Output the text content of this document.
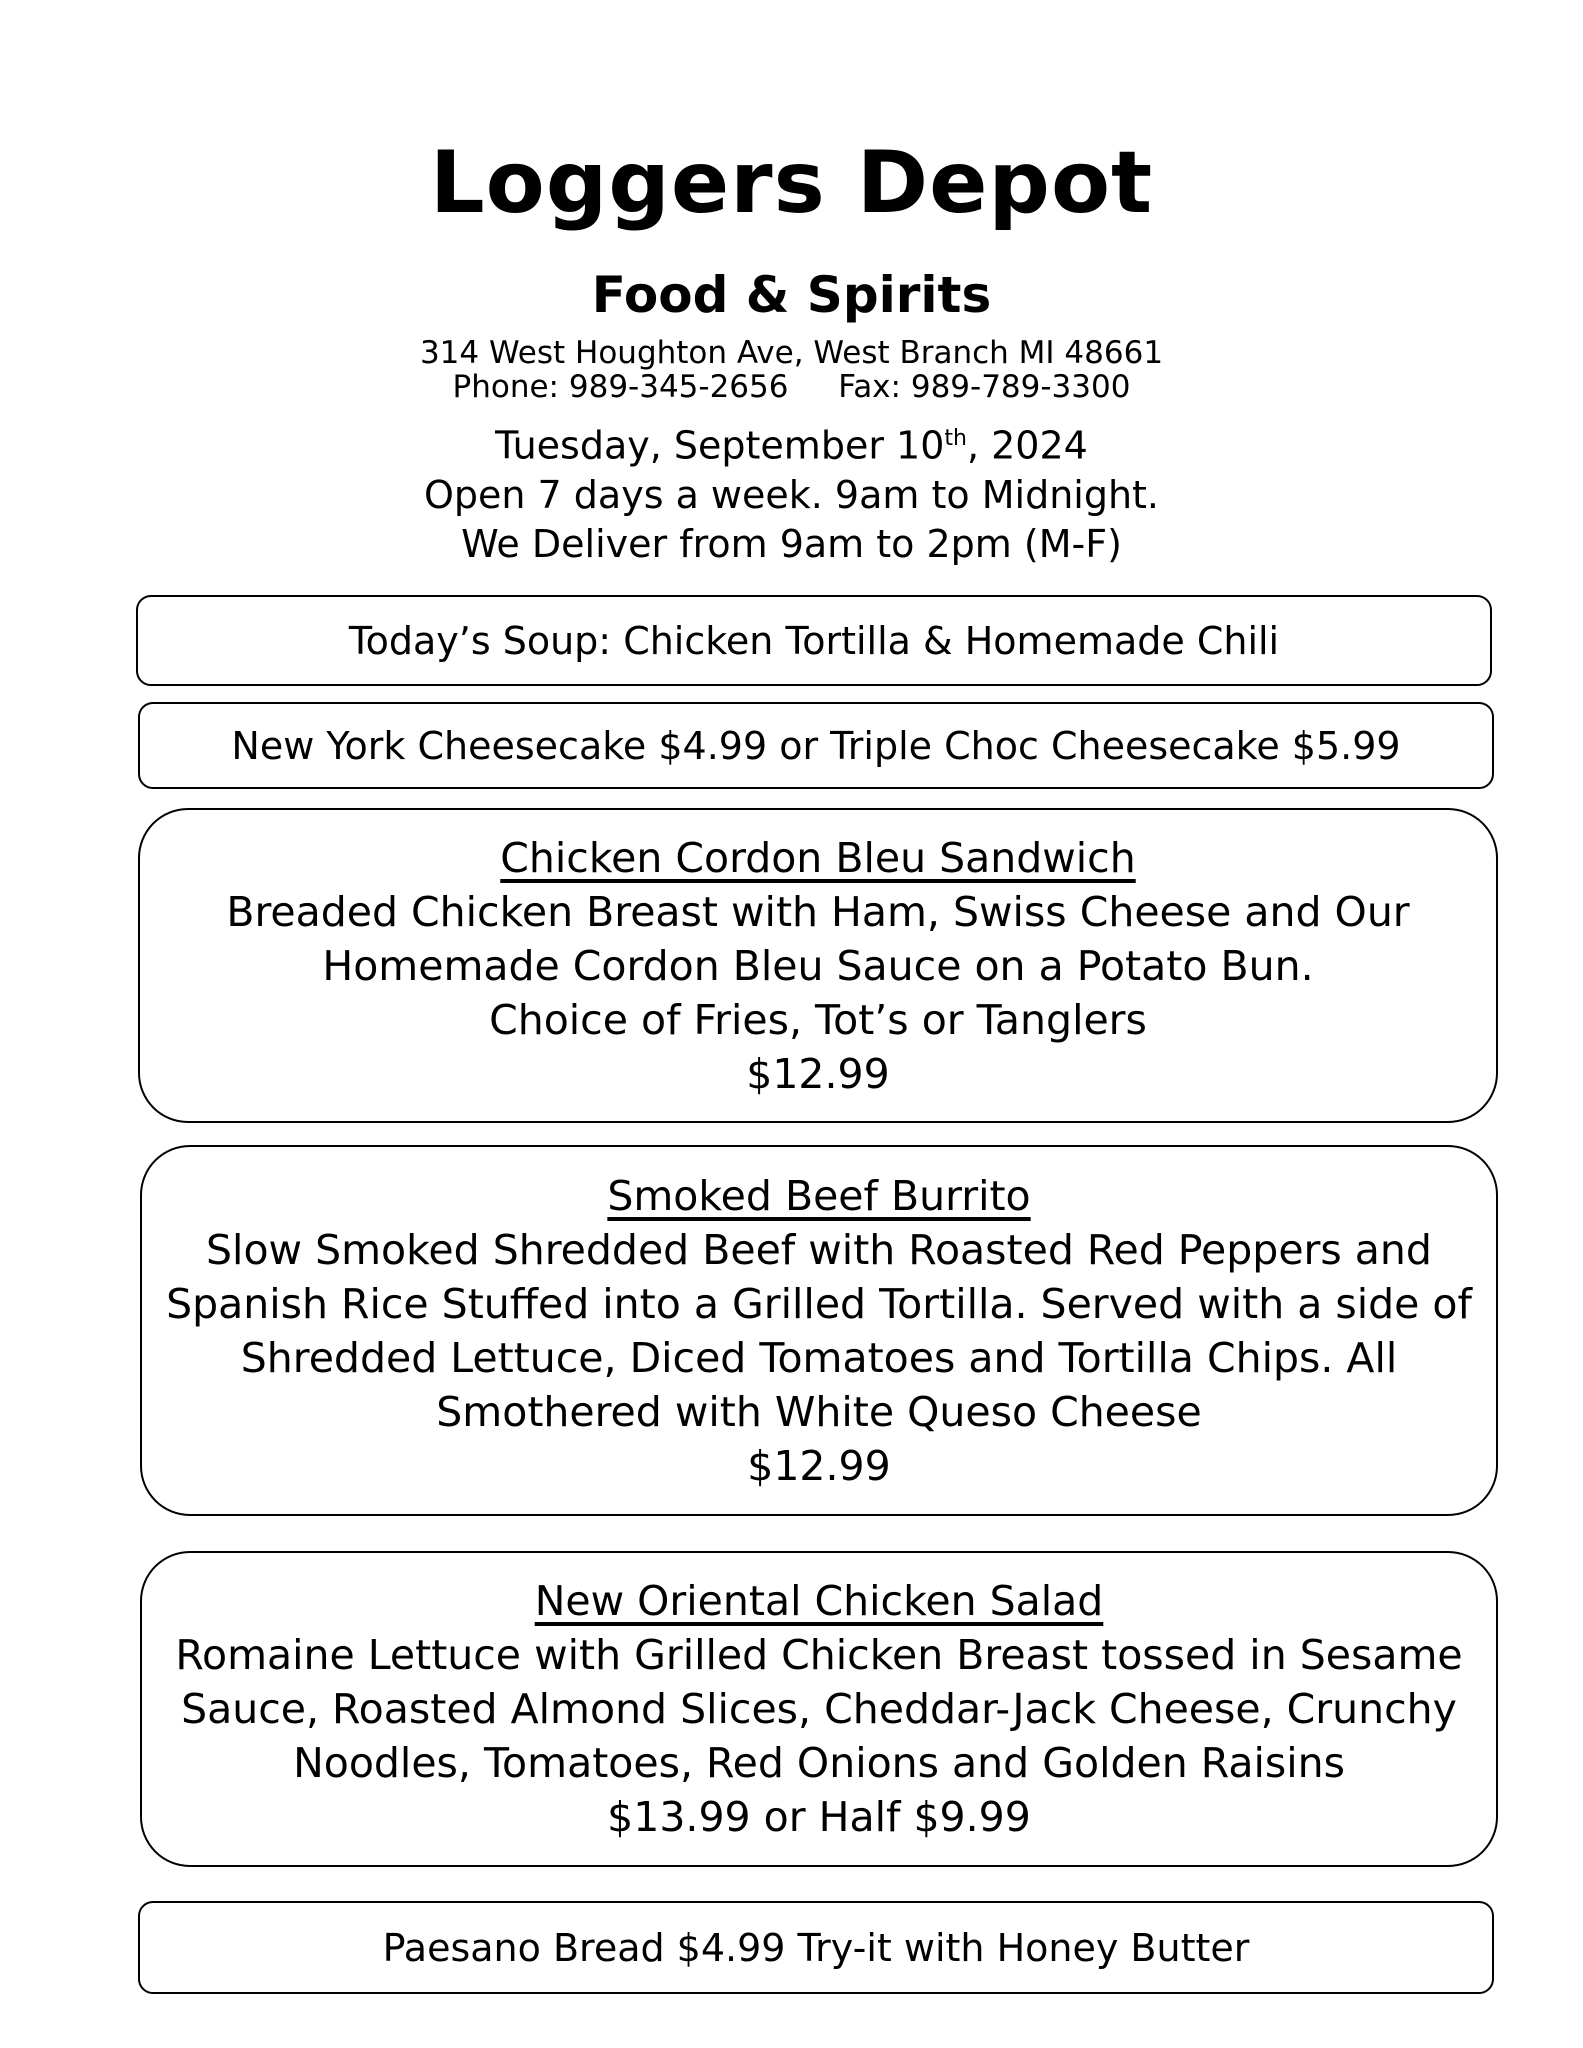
Loggers Depot
Food & Spirits
314 West Houghton Ave, West Branch MI 48661
Phone: 989-345-2656 Fax: 989-789-3300
Tuesday, September 10th, 2024
Open 7 days a week. 9am to Midnight.
We Deliver from 9am to 2pm (M-F)
Today’s Soup: Chicken Tortilla & Homemade Chili
New York Cheesecake $4.99 or Triple Choc Cheesecake $5.99
Chicken Cordon Bleu Sandwich
Breaded Chicken Breast with Ham, Swiss Cheese and Our
Homemade Cordon Bleu Sauce on a Potato Bun.
Choice of Fries, Tot’s or Tanglers
$12.99
Smoked Beef Burrito
Slow Smoked Shredded Beef with Roasted Red Peppers and
Spanish Rice Stuffed into a Grilled Tortilla. Served with a side of
Shredded Lettuce, Diced Tomatoes and Tortilla Chips. All
Smothered with White Queso Cheese
$12.99
New Oriental Chicken Salad
Romaine Lettuce with Grilled Chicken Breast tossed in Sesame
Sauce, Roasted Almond Slices, Cheddar-Jack Cheese, Crunchy
Noodles, Tomatoes, Red Onions and Golden Raisins
$13.99 or Half $9.99
Paesano Bread $4.99 Try-it with Honey Butter
